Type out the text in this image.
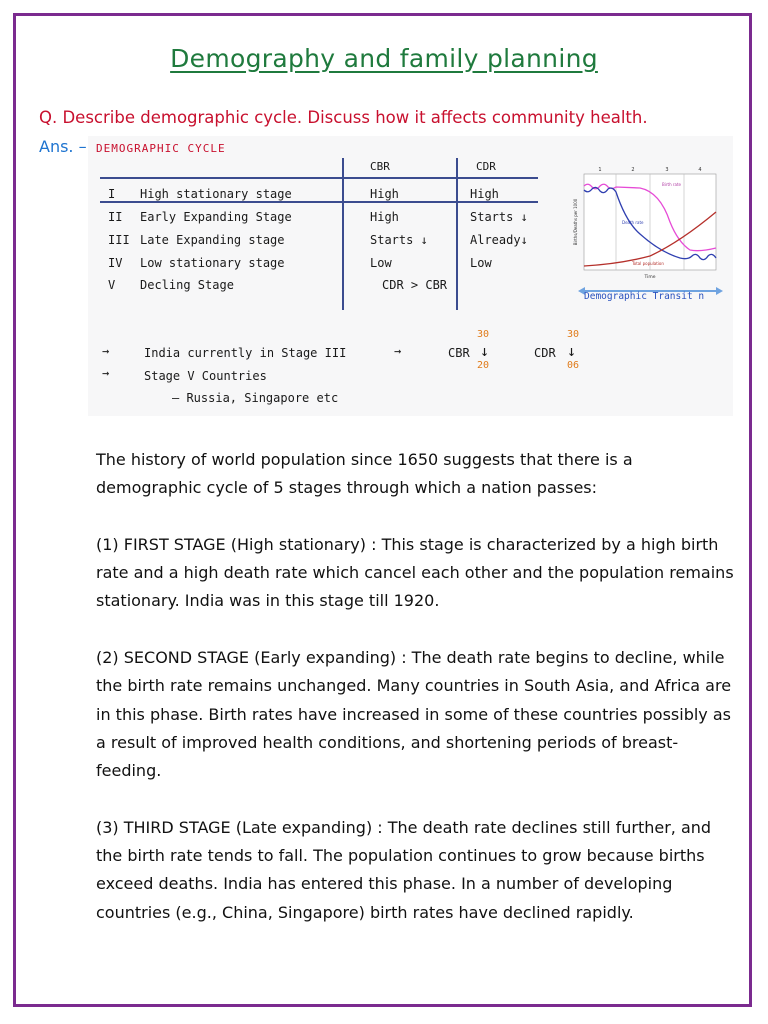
Demography and family planning
Q. Describe demographic cycle. Discuss how it affects community health.
Ans. – DEMOGRAPHIC CYCLE
CBR	CDR
I High stationary stage	High	High
II Early Expanding Stage	High	Starts ↓
III Late Expanding stage	Starts ↓	Already↓
IV Low stationary stage	Low	Low
V Decling Stage	CDR > CBR
1	2	3	4
Births/Deaths per 1000
Time
Birth rate
Death rate
Total population
Demographic Transit n
→	India currently in Stage III	→	CBR ↓
30
20
CDR ↓
30
06
→	Stage V Countries
– Russia, Singapore etc

The history of world population since 1650 suggests that there is a demographic cycle of 5 stages through which a nation passes:

(1) FIRST STAGE (High stationary) : This stage is characterized by a high birth rate and a high death rate which cancel each other and the population remains stationary. India was in this stage till 1920.

(2) SECOND STAGE (Early expanding) : The death rate begins to decline, while the birth rate remains unchanged. Many countries in South Asia, and Africa are in this phase. Birth rates have increased in some of these countries possibly as a result of improved health conditions, and shortening periods of breast-feeding.

(3) THIRD STAGE (Late expanding) : The death rate declines still further, and the birth rate tends to fall. The population continues to grow because births exceed deaths. India has entered this phase. In a number of developing countries (e.g., China, Singapore) birth rates have declined rapidly.
